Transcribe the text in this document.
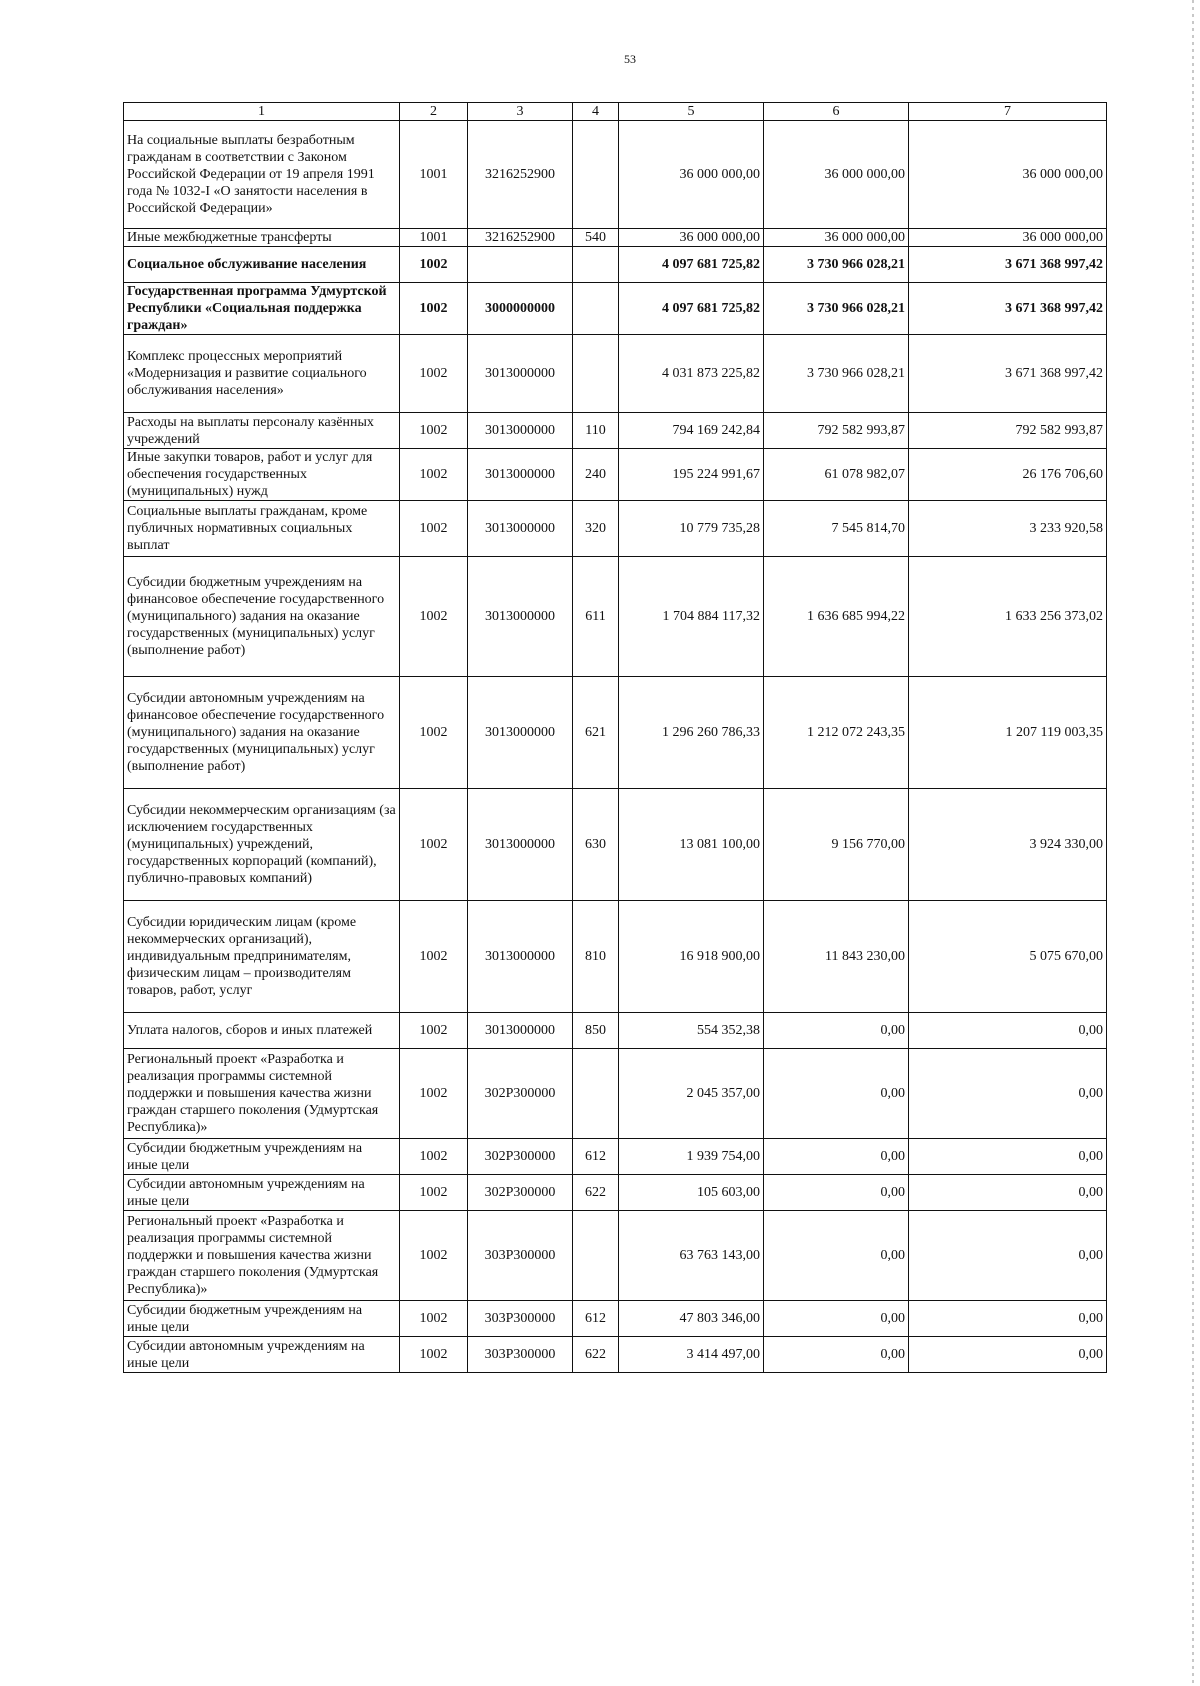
53
1	2	3	4	5	6	7
На социальные выплаты безработным гражданам в соответствии с Законом Российской Федерации от 19 апреля 1991 года № 1032-I «О занятости населения в Российской Федерации»	1001	3216252900		36 000 000,00	36 000 000,00	36 000 000,00
Иные межбюджетные трансферты	1001	3216252900	540	36 000 000,00	36 000 000,00	36 000 000,00
Социальное обслуживание населения	1002			4 097 681 725,82	3 730 966 028,21	3 671 368 997,42
Государственная программа Удмуртской Республики «Социальная поддержка граждан»	1002	3000000000		4 097 681 725,82	3 730 966 028,21	3 671 368 997,42
Комплекс процессных мероприятий «Модернизация и развитие социального обслуживания населения»	1002	3013000000		4 031 873 225,82	3 730 966 028,21	3 671 368 997,42
Расходы на выплаты персоналу казённых учреждений	1002	3013000000	110	794 169 242,84	792 582 993,87	792 582 993,87
Иные закупки товаров, работ и услуг для обеспечения государственных (муниципальных) нужд	1002	3013000000	240	195 224 991,67	61 078 982,07	26 176 706,60
Социальные выплаты гражданам, кроме публичных нормативных социальных выплат	1002	3013000000	320	10 779 735,28	7 545 814,70	3 233 920,58
Субсидии бюджетным учреждениям на финансовое обеспечение государственного (муниципального) задания на оказание государственных (муниципальных) услуг (выполнение работ)	1002	3013000000	611	1 704 884 117,32	1 636 685 994,22	1 633 256 373,02
Субсидии автономным учреждениям на финансовое обеспечение государственного (муниципального) задания на оказание государственных (муниципальных) услуг (выполнение работ)	1002	3013000000	621	1 296 260 786,33	1 212 072 243,35	1 207 119 003,35
Субсидии некоммерческим организациям (за исключением государственных (муниципальных) учреждений, государственных корпораций (компаний), публично-правовых компаний)	1002	3013000000	630	13 081 100,00	9 156 770,00	3 924 330,00
Субсидии юридическим лицам (кроме некоммерческих организаций), индивидуальным предпринимателям, физическим лицам – производителям товаров, работ, услуг	1002	3013000000	810	16 918 900,00	11 843 230,00	5 075 670,00
Уплата налогов, сборов и иных платежей	1002	3013000000	850	554 352,38	0,00	0,00
Региональный проект «Разработка и реализация программы системной поддержки и повышения качества жизни граждан старшего поколения (Удмуртская Республика)»	1002	302Р300000		2 045 357,00	0,00	0,00
Субсидии бюджетным учреждениям на иные цели	1002	302Р300000	612	1 939 754,00	0,00	0,00
Субсидии автономным учреждениям на иные цели	1002	302Р300000	622	105 603,00	0,00	0,00
Региональный проект «Разработка и реализация программы системной поддержки и повышения качества жизни граждан старшего поколения (Удмуртская Республика)»	1002	303Р300000		63 763 143,00	0,00	0,00
Субсидии бюджетным учреждениям на иные цели	1002	303Р300000	612	47 803 346,00	0,00	0,00
Субсидии автономным учреждениям на иные цели	1002	303Р300000	622	3 414 497,00	0,00	0,00
